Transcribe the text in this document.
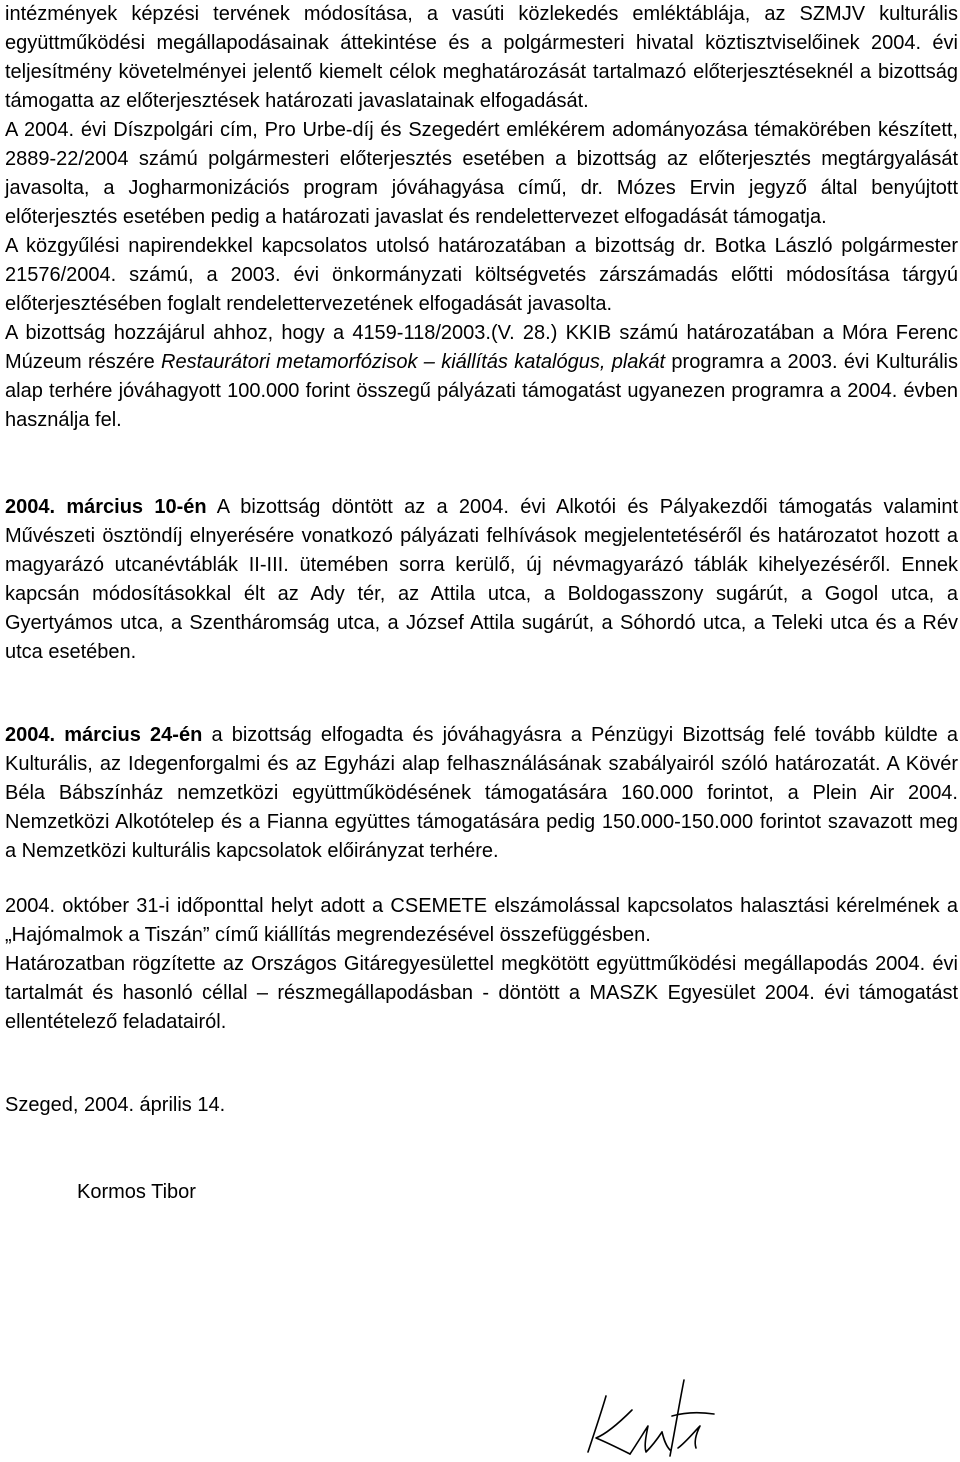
intézmények képzési tervének módosítása, a vasúti közlekedés emléktáblája, az SZMJV kulturális együttműködési megállapodásainak áttekintése és a polgármesteri hivatal köztisztviselőinek 2004. évi teljesítmény követelményei jelentő kiemelt célok meghatározását tartalmazó előterjesztéseknél a bizottság támogatta az előterjesztések határozati javaslatainak elfogadását.

A 2004. évi Díszpolgári cím, Pro Urbe-díj és Szegedért emlékérem adományozása témakörében készített, 2889-22/2004 számú polgármesteri előterjesztés esetében a bizottság az előterjesztés megtárgyalását javasolta, a Jogharmonizációs program jóváhagyása című, dr. Mózes Ervin jegyző által benyújtott előterjesztés esetében pedig a határozati javaslat és rendelettervezet elfogadását támogatja.

A közgyűlési napirendekkel kapcsolatos utolsó határozatában a bizottság dr. Botka László polgármester 21576/2004. számú, a 2003. évi önkormányzati költségvetés zárszámadás előtti módosítása tárgyú előterjesztésében foglalt rendelettervezetének elfogadását javasolta.

A bizottság hozzájárul ahhoz, hogy a 4159-118/2003.(V. 28.) KKIB számú határozatában a Móra Ferenc Múzeum részére Restaurátori metamorfózisok – kiállítás katalógus, plakát programra a 2003. évi Kulturális alap terhére jóváhagyott 100.000 forint összegű pályázati támogatást ugyanezen programra a 2004. évben használja fel.

2004. március 10-én A bizottság döntött az a 2004. évi Alkotói és Pályakezdői támogatás valamint Művészeti ösztöndíj elnyerésére vonatkozó pályázati felhívások megjelentetéséről és határozatot hozott a magyarázó utcanévtáblák II-III. ütemében sorra kerülő, új névmagyarázó táblák kihelyezéséről. Ennek kapcsán módosításokkal élt az Ady tér, az Attila utca, a Boldogasszony sugárút, a Gogol utca, a Gyertyámos utca, a Szentháromság utca, a József Attila sugárút, a Sóhordó utca, a Teleki utca és a Rév utca esetében.

2004. március 24-én a bizottság elfogadta és jóváhagyásra a Pénzügyi Bizottság felé tovább küldte a Kulturális, az Idegenforgalmi és az Egyházi alap felhasználásának szabályairól szóló határozatát. A Kövér Béla Bábszínház nemzetközi együttműködésének támogatására 160.000 forintot, a Plein Air 2004. Nemzetközi Alkotótelep és a Fianna együttes támogatására pedig 150.000-150.000 forintot szavazott meg a Nemzetközi kulturális kapcsolatok előirányzat terhére.

2004. október 31-i időponttal helyt adott a CSEMETE elszámolással kapcsolatos halasztási kérelmének a „Hajómalmok a Tiszán” című kiállítás megrendezésével összefüggésben.

Határozatban rögzítette az Országos Gitáregyesülettel megkötött együttműködési megállapodás 2004. évi tartalmát és hasonló céllal – részmegállapodásban - döntött a MASZK Egyesület 2004. évi támogatást ellentételező feladatairól.

Szeged, 2004. április 14.

Kormos Tibor
